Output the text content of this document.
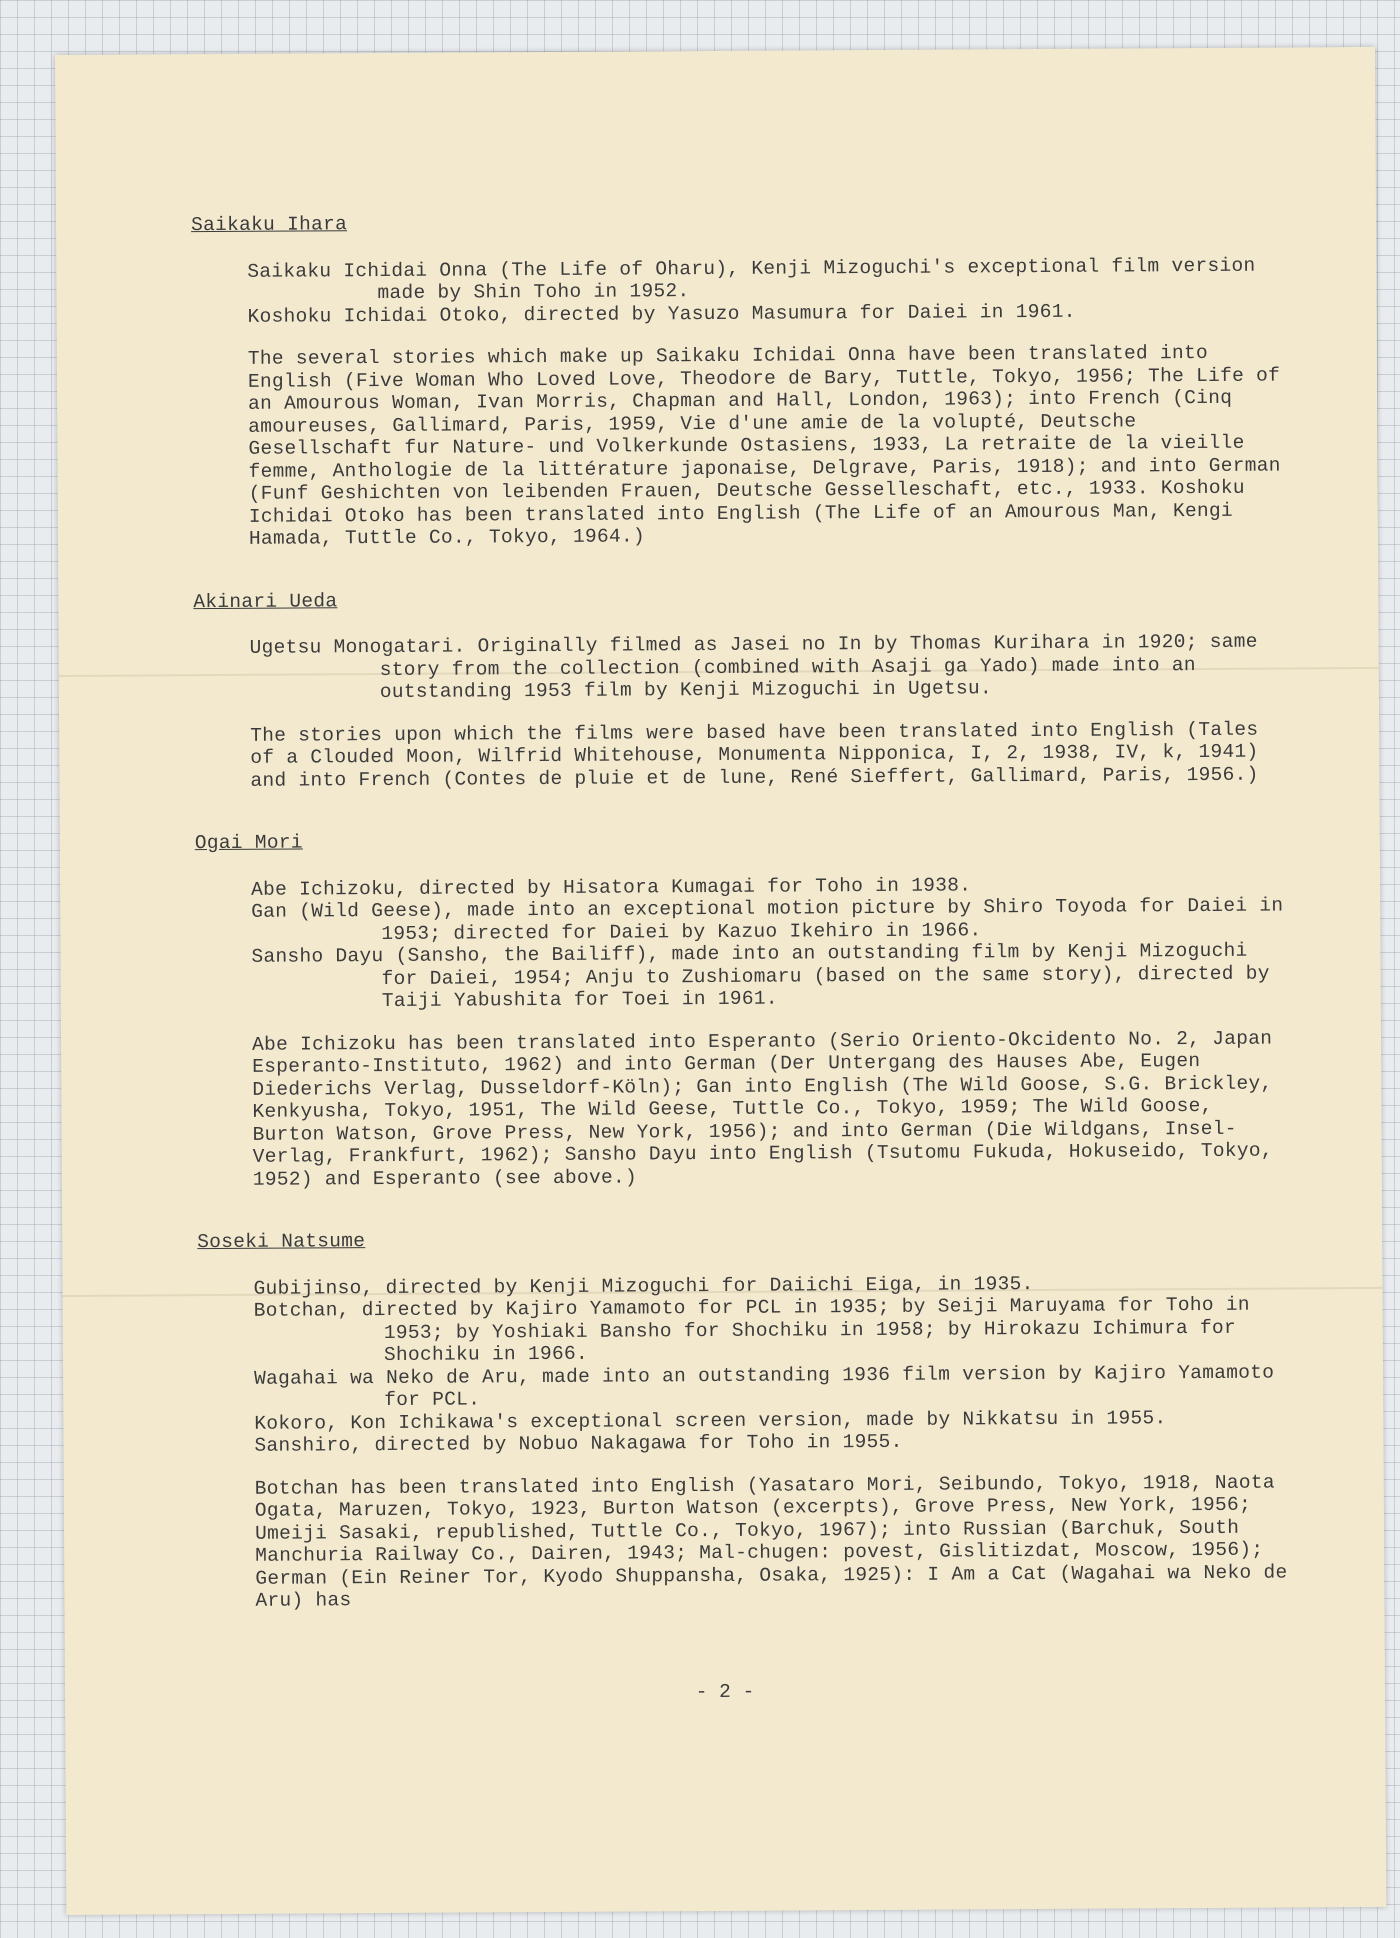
Saikaku Ihara

Saikaku Ichidai Onna (The Life of Oharu), Kenji Mizoguchi's exceptional film version made by Shin Toho in 1952.

Koshoku Ichidai Otoko, directed by Yasuzo Masumura for Daiei in 1961.

The several stories which make up Saikaku Ichidai Onna have been translated into English (Five Woman Who Loved Love, Theodore de Bary, Tuttle, Tokyo, 1956; The Life of an Amourous Woman, Ivan Morris, Chapman and Hall, London, 1963); into French (Cinq amoureuses, Gallimard, Paris, 1959, Vie d'une amie de la volupté, Deutsche Gesellschaft fur Nature- und Volkerkunde Ostasiens, 1933, La retraite de la vieille femme, Anthologie de la littérature japonaise, Delgrave, Paris, 1918); and into German (Funf Geshichten von leibenden Frauen, Deutsche Gesselleschaft, etc., 1933. Koshoku Ichidai Otoko has been translated into English (The Life of an Amourous Man, Kengi Hamada, Tuttle Co., Tokyo, 1964.)

Akinari Ueda

Ugetsu Monogatari. Originally filmed as Jasei no In by Thomas Kurihara in 1920; same story from the collection (combined with Asaji ga Yado) made into an outstanding 1953 film by Kenji Mizoguchi in Ugetsu.

The stories upon which the films were based have been translated into English (Tales of a Clouded Moon, Wilfrid Whitehouse, Monumenta Nipponica, I, 2, 1938, IV, k, 1941) and into French (Contes de pluie et de lune, René Sieffert, Gallimard, Paris, 1956.)

Ogai Mori

Abe Ichizoku, directed by Hisatora Kumagai for Toho in 1938.

Gan (Wild Geese), made into an exceptional motion picture by Shiro Toyoda for Daiei in 1953; directed for Daiei by Kazuo Ikehiro in 1966.

Sansho Dayu (Sansho, the Bailiff), made into an outstanding film by Kenji Mizoguchi for Daiei, 1954; Anju to Zushiomaru (based on the same story), directed by Taiji Yabushita for Toei in 1961.

Abe Ichizoku has been translated into Esperanto (Serio Oriento-Okcidento No. 2, Japan Esperanto-Instituto, 1962) and into German (Der Untergang des Hauses Abe, Eugen Diederichs Verlag, Dusseldorf-Köln); Gan into English (The Wild Goose, S.G. Brickley, Kenkyusha, Tokyo, 1951, The Wild Geese, Tuttle Co., Tokyo, 1959; The Wild Goose, Burton Watson, Grove Press, New York, 1956); and into German (Die Wildgans, Insel-Verlag, Frankfurt, 1962); Sansho Dayu into English (Tsutomu Fukuda, Hokuseido, Tokyo, 1952) and Esperanto (see above.)

Soseki Natsume

Gubijinso, directed by Kenji Mizoguchi for Daiichi Eiga, in 1935.

Botchan, directed by Kajiro Yamamoto for PCL in 1935; by Seiji Maruyama for Toho in 1953; by Yoshiaki Bansho for Shochiku in 1958; by Hirokazu Ichimura for Shochiku in 1966.

Wagahai wa Neko de Aru, made into an outstanding 1936 film version by Kajiro Yamamoto for PCL.

Kokoro, Kon Ichikawa's exceptional screen version, made by Nikkatsu in 1955.

Sanshiro, directed by Nobuo Nakagawa for Toho in 1955.

Botchan has been translated into English (Yasataro Mori, Seibundo, Tokyo, 1918, Naota Ogata, Maruzen, Tokyo, 1923, Burton Watson (excerpts), Grove Press, New York, 1956; Umeiji Sasaki, republished, Tuttle Co., Tokyo, 1967); into Russian (Barchuk, South Manchuria Railway Co., Dairen, 1943; Mal-chugen: povest, Gislitizdat, Moscow, 1956); German (Ein Reiner Tor, Kyodo Shuppansha, Osaka, 1925): I Am a Cat (Wagahai wa Neko de Aru) has

- 2 -
